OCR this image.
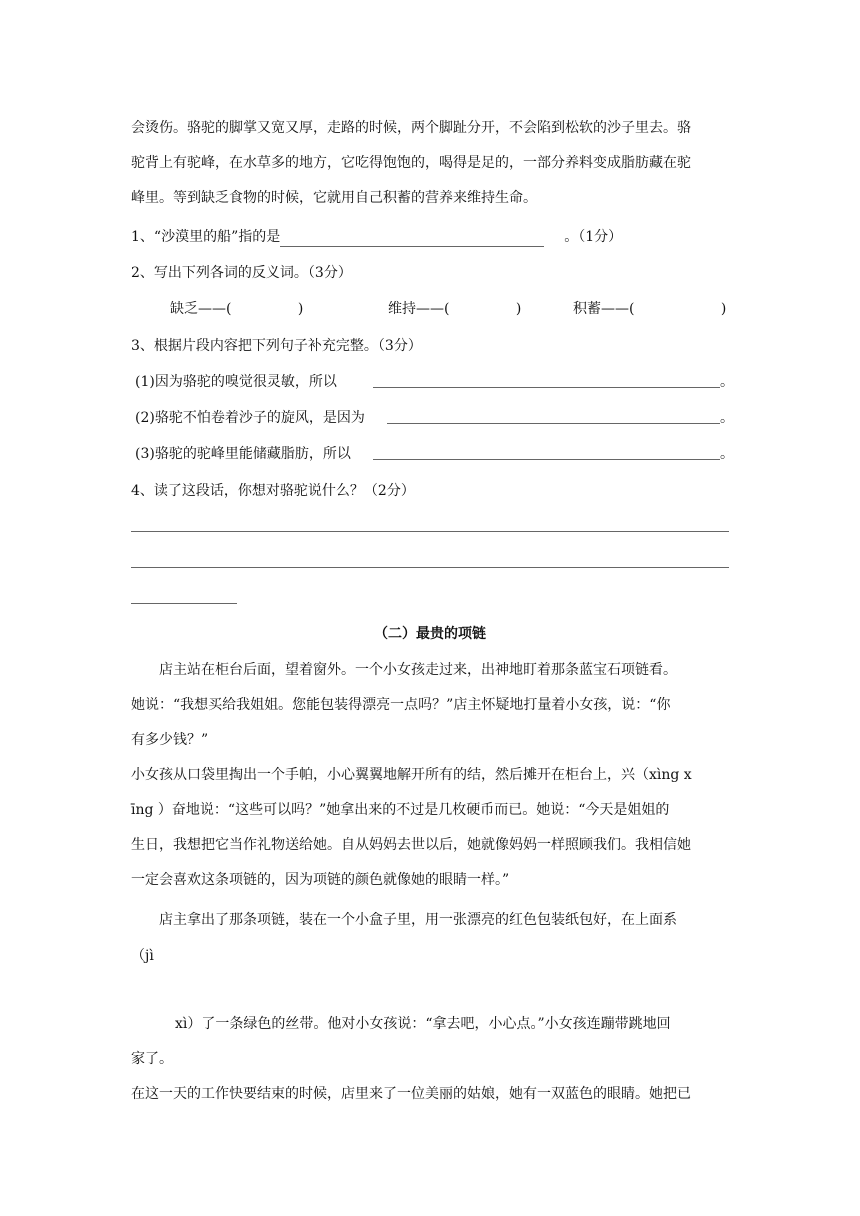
会烫伤。骆驼的脚掌又宽又厚，走路的时候，两个脚趾分开，不会陷到松软的沙子里去。骆
驼背上有驼峰，在水草多的地方，它吃得饱饱的，喝得是足的，一部分养料变成脂肪藏在驼
峰里。等到缺乏食物的时候，它就用自己积蓄的营养来维持生命。
1、“沙漠里的船”指的是	。（1分）
2、写出下列各词的反义词。（3分）
缺乏——(	)	维持——(	)	积蓄——(	)
3、根据片段内容把下列句子补充完整。（3分）
(1)因为骆驼的嗅觉很灵敏，所以	。
(2)骆驼不怕卷着沙子的旋风，是因为	。
(3)骆驼的驼峰里能储藏脂肪，所以	。
4、读了这段话，你想对骆驼说什么？（2分）
（二）最贵的项链
店主站在柜台后面，望着窗外。一个小女孩走过来，出神地盯着那条蓝宝石项链看。
她说：“我想买给我姐姐。您能包装得漂亮一点吗？”店主怀疑地打量着小女孩，说：“你
有多少钱？”
小女孩从口袋里掏出一个手帕，小心翼翼地解开所有的结，然后摊开在柜台上，兴（xìng x
īng ）奋地说：“这些可以吗？”她拿出来的不过是几枚硬币而已。她说：“今天是姐姐的
生日，我想把它当作礼物送给她。自从妈妈去世以后，她就像妈妈一样照顾我们。我相信她
一定会喜欢这条项链的，因为项链的颜色就像她的眼睛一样。”
店主拿出了那条项链，装在一个小盒子里，用一张漂亮的红色包装纸包好，在上面系
（jì
xì）了一条绿色的丝带。他对小女孩说：“拿去吧，小心点。”小女孩连蹦带跳地回
家了。
在这一天的工作快要结束的时候，店里来了一位美丽的姑娘，她有一双蓝色的眼睛。她把已
